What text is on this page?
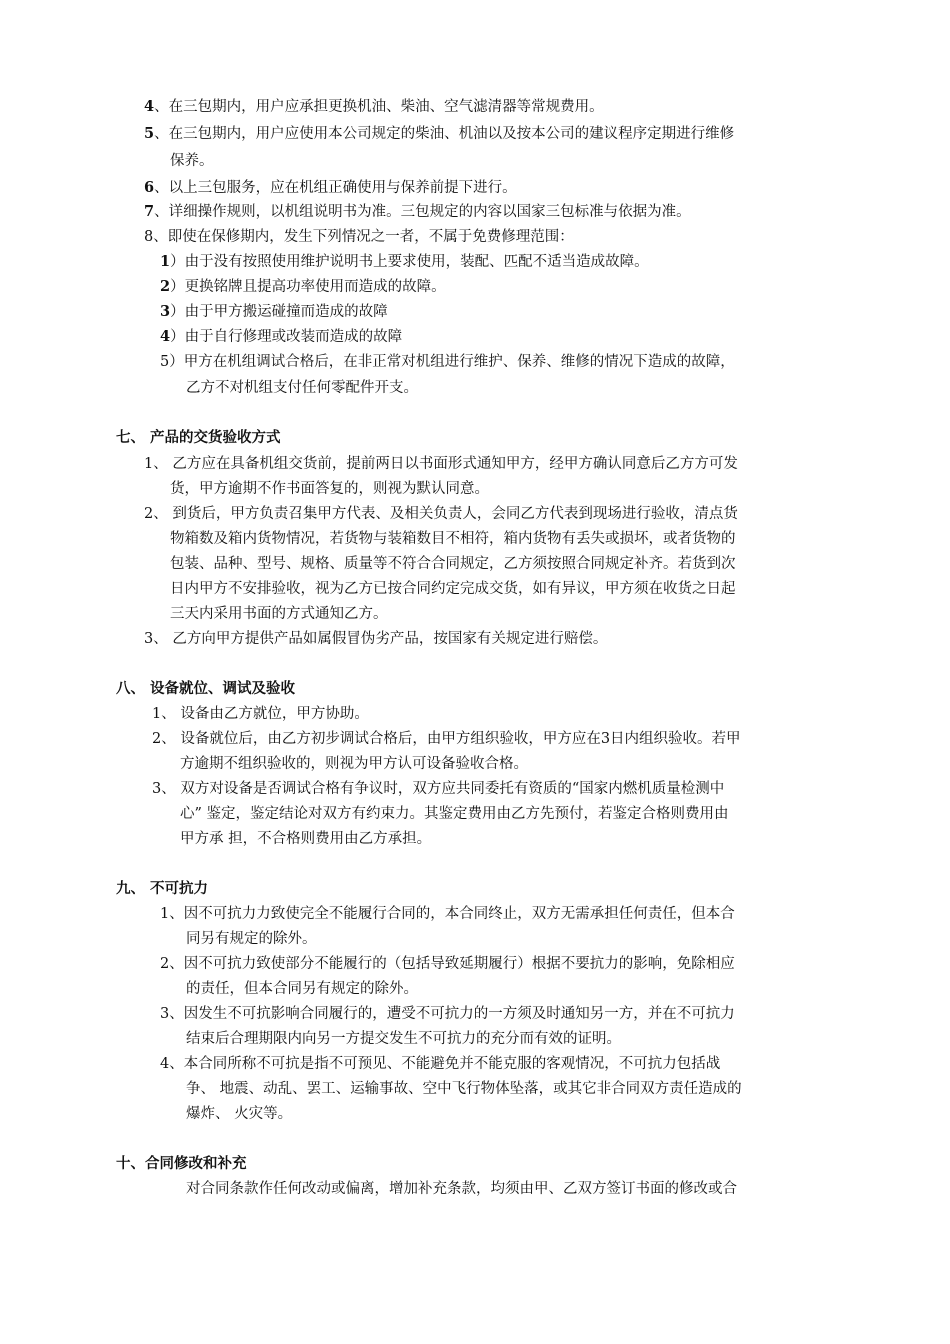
4、在三包期内，用户应承担更换机油、柴油、空气滤清器等常规费用。
5、在三包期内，用户应使用本公司规定的柴油、机油以及按本公司的建议程序定期进行维修
保养。
6、以上三包服务，应在机组正确使用与保养前提下进行。
7、详细操作规则，以机组说明书为准。三包规定的内容以国家三包标准与依据为准。
8、即使在保修期内，发生下列情况之一者，不属于免费修理范围：
1）由于没有按照使用维护说明书上要求使用，装配、匹配不适当造成故障。
2）更换铭牌且提高功率使用而造成的故障。
3）由于甲方搬运碰撞而造成的故障
4）由于自行修理或改装而造成的故障
5）甲方在机组调试合格后，在非正常对机组进行维护、保养、维修的情况下造成的故障，
乙方不对机组支付任何零配件开支。
七、 产品的交货验收方式
1、 乙方应在具备机组交货前，提前两日以书面形式通知甲方，经甲方确认同意后乙方方可发
货，甲方逾期不作书面答复的，则视为默认同意。
2、 到货后，甲方负责召集甲方代表、及相关负责人，会同乙方代表到现场进行验收，清点货
物箱数及箱内货物情况，若货物与装箱数目不相符，箱内货物有丢失或损坏，或者货物的
包装、品种、型号、规格、质量等不符合合同规定，乙方须按照合同规定补齐。若货到次
日内甲方不安排验收，视为乙方已按合同约定完成交货，如有异议，甲方须在收货之日起
三天内采用书面的方式通知乙方。
3、 乙方向甲方提供产品如属假冒伪劣产品，按国家有关规定进行赔偿。
八、 设备就位、调试及验收
1、 设备由乙方就位，甲方协助。
2、 设备就位后，由乙方初步调试合格后，由甲方组织验收，甲方应在3日内组织验收。若甲
方逾期不组织验收的，则视为甲方认可设备验收合格。
3、 双方对设备是否调试合格有争议时，双方应共同委托有资质的“国家内燃机质量检测中
心” 鉴定，鉴定结论对双方有约束力。其鉴定费用由乙方先预付，若鉴定合格则费用由
甲方承 担，不合格则费用由乙方承担。
九、 不可抗力
1、因不可抗力力致使完全不能履行合同的，本合同终止，双方无需承担任何责任，但本合
同另有规定的除外。
2、因不可抗力致使部分不能履行的（包括导致延期履行）根据不要抗力的影响，免除相应
的责任，但本合同另有规定的除外。
3、因发生不可抗影响合同履行的，遭受不可抗力的一方须及时通知另一方，并在不可抗力
结束后合理期限内向另一方提交发生不可抗力的充分而有效的证明。
4、本合同所称不可抗是指不可预见、不能避免并不能克服的客观情况，不可抗力包括战
争、 地震、动乱、罢工、运输事故、空中飞行物体坠落，或其它非合同双方责任造成的
爆炸、 火灾等。
十、合同修改和补充
对合同条款作任何改动或偏离，增加补充条款，均须由甲、乙双方签订书面的修改或合
